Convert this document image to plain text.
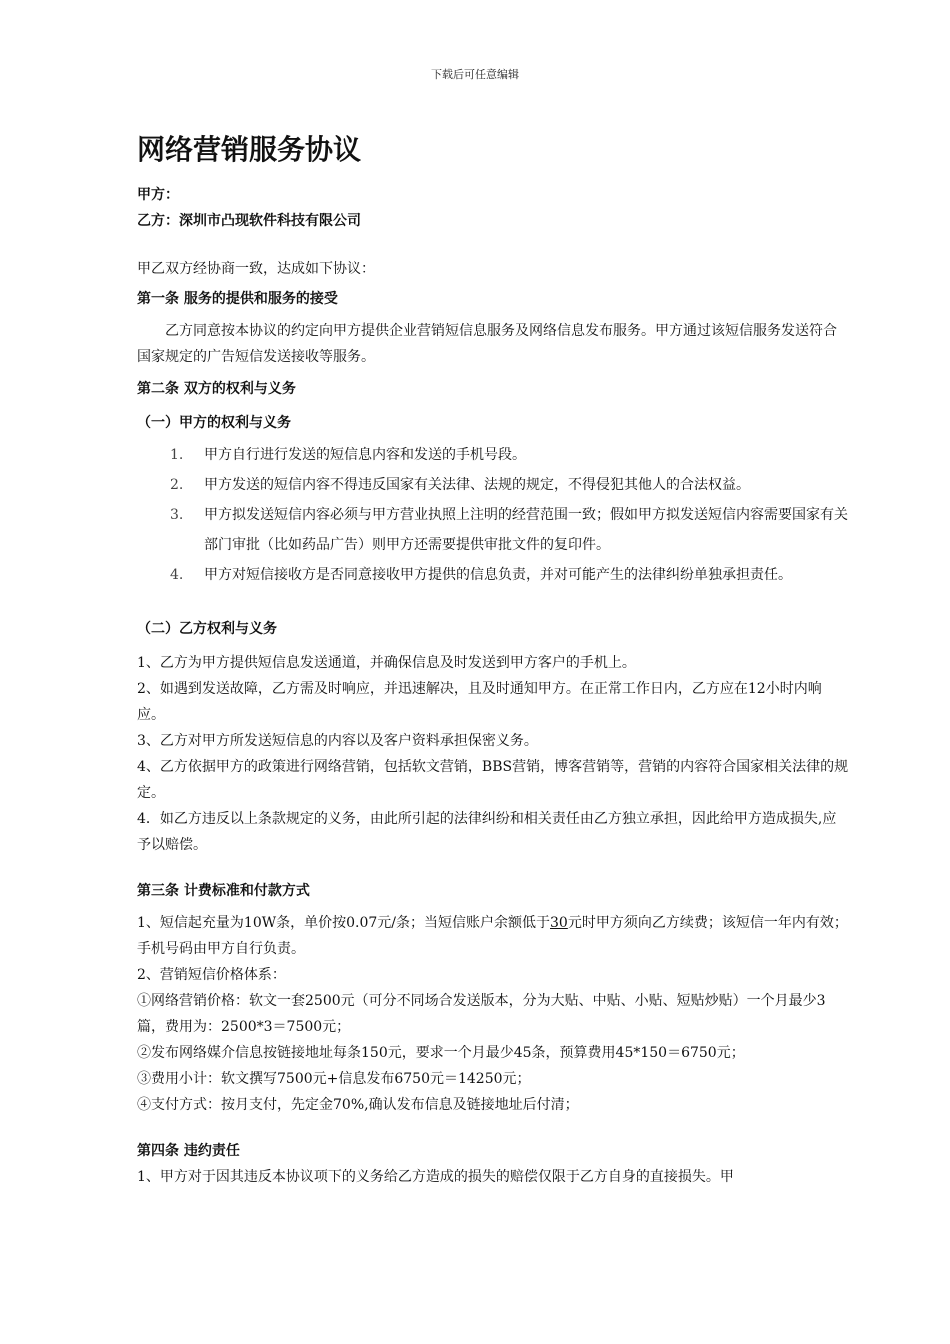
下载后可任意编辑
网络营销服务协议
甲方：
乙方：深圳市凸现软件科技有限公司

甲乙双方经协商一致，达成如下协议：

第一条 服务的提供和服务的接受

乙方同意按本协议的约定向甲方提供企业营销短信息服务及网络信息发布服务。甲方通过该短信服务发送符合国家规定的广告短信发送接收等服务。

第二条 双方的权利与义务
（一）甲方的权利与义务
1. 甲方自行进行发送的短信息内容和发送的手机号段。
2. 甲方发送的短信内容不得违反国家有关法律、法规的规定，不得侵犯其他人的合法权益。
3. 甲方拟发送短信内容必须与甲方营业执照上注明的经营范围一致；假如甲方拟发送短信内容需要国家有关部门审批（比如药品广告）则甲方还需要提供审批文件的复印件。
4. 甲方对短信接收方是否同意接收甲方提供的信息负责，并对可能产生的法律纠纷单独承担责任。
（二）乙方权利与义务

1、乙方为甲方提供短信息发送通道，并确保信息及时发送到甲方客户的手机上。

2、如遇到发送故障，乙方需及时响应，并迅速解决，且及时通知甲方。在正常工作日内，乙方应在12小时内响应。

3、乙方对甲方所发送短信息的内容以及客户资料承担保密义务。

4、乙方依据甲方的政策进行网络营销，包括软文营销，BBS营销，博客营销等，营销的内容符合国家相关法律的规定。

4．如乙方违反以上条款规定的义务，由此所引起的法律纠纷和相关责任由乙方独立承担，因此给甲方造成损失,应予以赔偿。

第三条 计费标准和付款方式

1、短信起充量为10W条，单价按0.07元/条；当短信账户余额低于30元时甲方须向乙方续费；该短信一年内有效；手机号码由甲方自行负责。

2、营销短信价格体系：

①网络营销价格：软文一套2500元（可分不同场合发送版本，分为大贴、中贴、小贴、短贴炒贴）一个月最少3篇，费用为：2500*3＝7500元；

②发布网络媒介信息按链接地址每条150元，要求一个月最少45条，预算费用45*150＝6750元；

③费用小计：软文撰写7500元+信息发布6750元＝14250元；

④支付方式：按月支付，先定金70%,确认发布信息及链接地址后付清；

第四条 违约责任

1、甲方对于因其违反本协议项下的义务给乙方造成的损失的赔偿仅限于乙方自身的直接损失。甲
